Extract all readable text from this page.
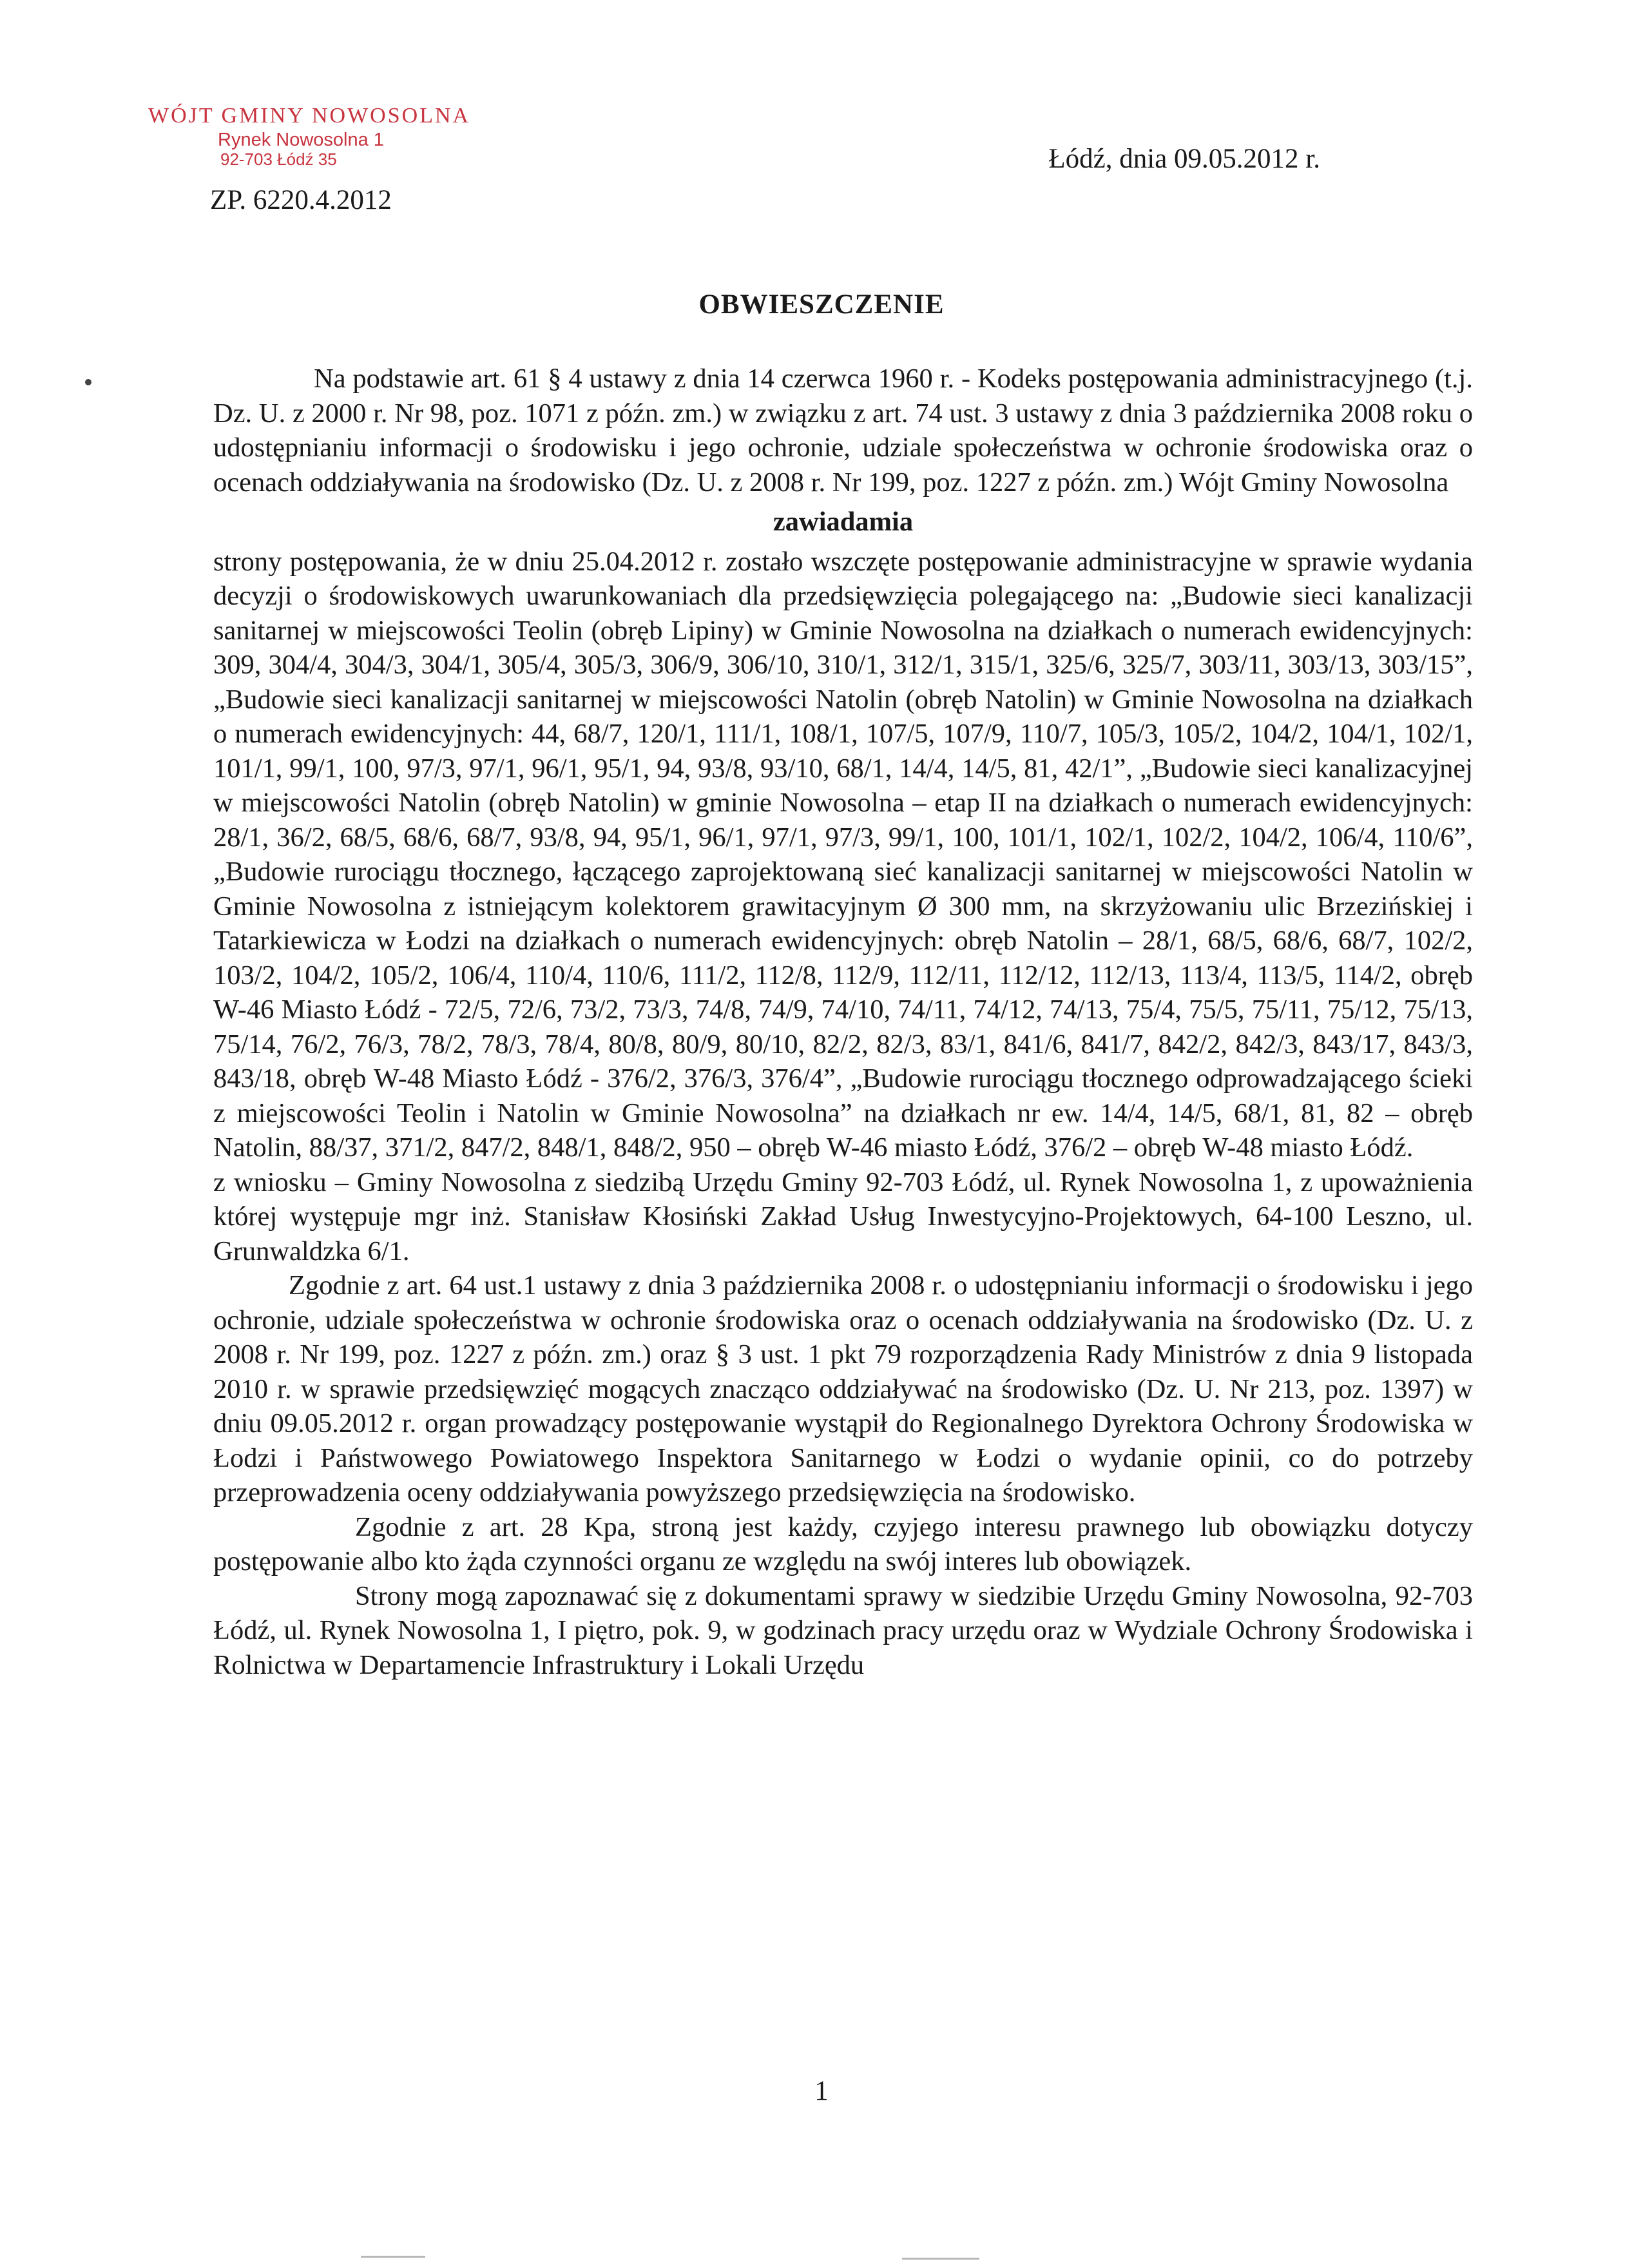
WÓJT GMINY NOWOSOLNA
Rynek Nowosolna 1
92-703 Łódź 35
ZP. 6220.4.2012
Łódź, dnia 09.05.2012 r.
OBWIESZCZENIE

Na podstawie art. 61 § 4 ustawy z dnia 14 czerwca 1960 r. - Kodeks postępowania administracyjnego (t.j. Dz. U. z 2000 r. Nr 98, poz. 1071 z późn. zm.) w związku z art. 74 ust. 3 ustawy z dnia 3 października 2008 roku o udostępnianiu informacji o środowisku i jego ochronie, udziale społeczeństwa w ochronie środowiska oraz o ocenach oddziaływania na środowisko (Dz. U. z 2008 r. Nr 199, poz. 1227 z późn. zm.) Wójt Gminy Nowosolna

zawiadamia

strony postępowania, że w dniu 25.04.2012 r. zostało wszczęte postępowanie administracyjne w sprawie wydania decyzji o środowiskowych uwarunkowaniach dla przedsięwzięcia polegającego na: „Budowie sieci kanalizacji sanitarnej w miejscowości Teolin (obręb Lipiny) w Gminie Nowosolna na działkach o numerach ewidencyjnych: 309, 304/4, 304/3, 304/1, 305/4, 305/3, 306/9, 306/10, 310/1, 312/1, 315/1, 325/6, 325/7, 303/11, 303/13, 303/15”, „Budowie sieci kanalizacji sanitarnej w miejscowości Natolin (obręb Natolin) w Gminie Nowosolna na działkach o numerach ewidencyjnych: 44, 68/7, 120/1, 111/1, 108/1, 107/5, 107/9, 110/7, 105/3, 105/2, 104/2, 104/1, 102/1, 101/1, 99/1, 100, 97/3, 97/1, 96/1, 95/1, 94, 93/8, 93/10, 68/1, 14/4, 14/5, 81, 42/1”, „Budowie sieci kanalizacyjnej w miejscowości Natolin (obręb Natolin) w gminie Nowosolna – etap II na działkach o numerach ewidencyjnych: 28/1, 36/2, 68/5, 68/6, 68/7, 93/8, 94, 95/1, 96/1, 97/1, 97/3, 99/1, 100, 101/1, 102/1, 102/2, 104/2, 106/4, 110/6”, „Budowie rurociągu tłocznego, łączącego zaprojektowaną sieć kanalizacji sanitarnej w miejscowości Natolin w Gminie Nowosolna z istniejącym kolektorem grawitacyjnym Ø 300 mm, na skrzyżowaniu ulic Brzezińskiej i Tatarkiewicza w Łodzi na działkach o numerach ewidencyjnych: obręb Natolin – 28/1, 68/5, 68/6, 68/7, 102/2, 103/2, 104/2, 105/2, 106/4, 110/4, 110/6, 111/2, 112/8, 112/9, 112/11, 112/12, 112/13, 113/4, 113/5, 114/2, obręb W-46 Miasto Łódź - 72/5, 72/6, 73/2, 73/3, 74/8, 74/9, 74/10, 74/11, 74/12, 74/13, 75/4, 75/5, 75/11, 75/12, 75/13, 75/14, 76/2, 76/3, 78/2, 78/3, 78/4, 80/8, 80/9, 80/10, 82/2, 82/3, 83/1, 841/6, 841/7, 842/2, 842/3, 843/17, 843/3, 843/18, obręb W-48 Miasto Łódź - 376/2, 376/3, 376/4”, „Budowie rurociągu tłocznego odprowadzającego ścieki z miejscowości Teolin i Natolin w Gminie Nowosolna” na działkach nr ew. 14/4, 14/5, 68/1, 81, 82 – obręb Natolin, 88/37, 371/2, 847/2, 848/1, 848/2, 950 – obręb W-46 miasto Łódź, 376/2 – obręb W-48 miasto Łódź.

z wniosku – Gminy Nowosolna z siedzibą Urzędu Gminy 92-703 Łódź, ul. Rynek Nowosolna 1, z upoważnienia której występuje mgr inż. Stanisław Kłosiński Zakład Usług Inwestycyjno-Projektowych, 64-100 Leszno, ul. Grunwaldzka 6/1.

Zgodnie z art. 64 ust.1 ustawy z dnia 3 października 2008 r. o udostępnianiu informacji o środowisku i jego ochronie, udziale społeczeństwa w ochronie środowiska oraz o ocenach oddziaływania na środowisko (Dz. U. z 2008 r. Nr 199, poz. 1227 z późn. zm.) oraz § 3 ust. 1 pkt 79 rozporządzenia Rady Ministrów z dnia 9 listopada 2010 r. w sprawie przedsięwzięć mogących znacząco oddziaływać na środowisko (Dz. U. Nr 213, poz. 1397) w dniu 09.05.2012 r. organ prowadzący postępowanie wystąpił do Regionalnego Dyrektora Ochrony Środowiska w Łodzi i Państwowego Powiatowego Inspektora Sanitarnego w Łodzi o wydanie opinii, co do potrzeby przeprowadzenia oceny oddziaływania powyższego przedsięwzięcia na środowisko.

Zgodnie z art. 28 Kpa, stroną jest każdy, czyjego interesu prawnego lub obowiązku dotyczy postępowanie albo kto żąda czynności organu ze względu na swój interes lub obowiązek.

Strony mogą zapoznawać się z dokumentami sprawy w siedzibie Urzędu Gminy Nowosolna, 92-703 Łódź, ul. Rynek Nowosolna 1, I piętro, pok. 9, w godzinach pracy urzędu oraz w Wydziale Ochrony Środowiska i Rolnictwa w Departamencie Infrastruktury i Lokali Urzędu

1
